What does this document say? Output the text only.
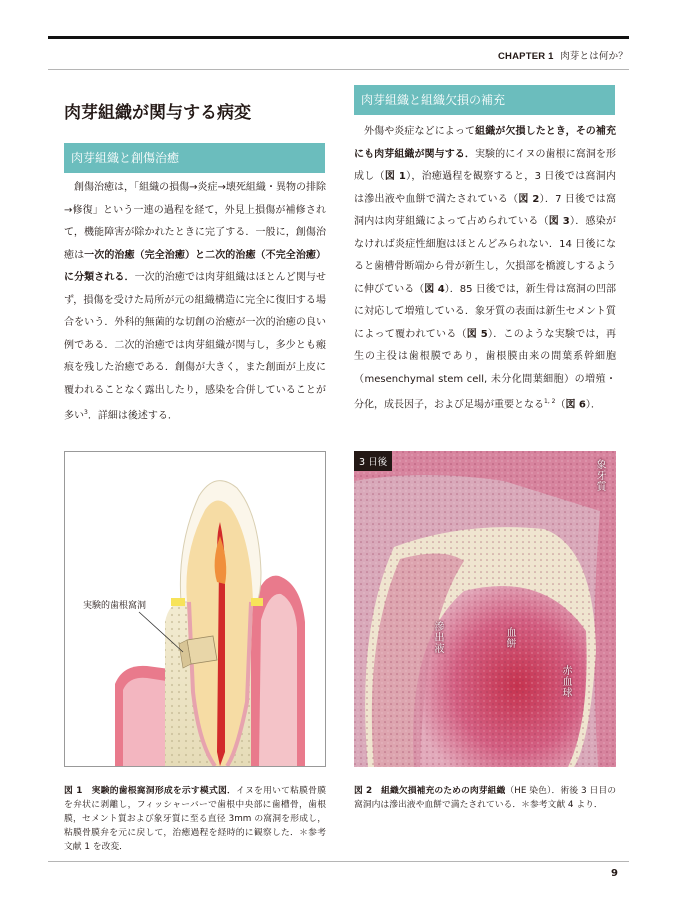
CHAPTER 1 肉芽とは何か？
肉芽組織が関与する病変
肉芽組織と創傷治癒

創傷治癒は，「組織の損傷→炎症→壊死組織・異物の排除→修復」という一連の過程を経て，外見上損傷が補修されて，機能障害が除かれたときに完了する．一般に，創傷治癒は一次的治癒（完全治癒）と二次的治癒（不完全治癒）に分類される．一次的治癒では肉芽組織はほとんど関与せず，損傷を受けた局所が元の組織構造に完全に復旧する場合をいう．外科的無菌的な切創の治癒が一次的治癒の良い例である．二次的治癒では肉芽組織が関与し，多少とも瘢痕を残した治癒である．創傷が大きく，また創面が上皮に覆われることなく露出したり，感染を合併していることが多い$^3$．詳細は後述する．

肉芽組織と組織欠損の補充

外傷や炎症などによって組織が欠損したとき，その補充にも肉芽組織が関与する．実験的にイヌの歯根に窩洞を形成し（図 1），治癒過程を観察すると，3 日後では窩洞内は滲出液や血餅で満たされている（図 2）．7 日後では窩洞内は肉芽組織によって占められている（図 3）．感染がなければ炎症性細胞はほとんどみられない．14 日後になると歯槽骨断端から骨が新生し，欠損部を橋渡しするように伸びている（図 4）．85 日後では，新生骨は窩洞の凹部に対応して増殖している．象牙質の表面は新生セメント質によって覆われている（図 5）．このような実験では，再生の主役は歯根膜であり，歯根膜由来の間葉系幹細胞（mesenchymal stem cell, 未分化間葉細胞）の増殖・分化，成長因子，および足場が重要となる$^{1, 2}$（図 6）．

実験的歯根窩洞
3 日後	象牙質
滲出液	血餅
赤血球

図 1　実験的歯根窩洞形成を示す模式図．イヌを用いて粘膜骨膜を弁状に剥離し，フィッシャーバーで歯根中央部に歯槽骨，歯根膜，セメント質および象牙質に至る直径 3mm の窩洞を形成し，粘膜骨膜弁を元に戻して，治癒過程を経時的に観察した．＊参考文献 1 を改変．

図 2　組織欠損補充のための肉芽組織（HE 染色）．術後 3 日目の窩洞内は滲出液や血餅で満たされている．＊参考文献 4 より．

9
